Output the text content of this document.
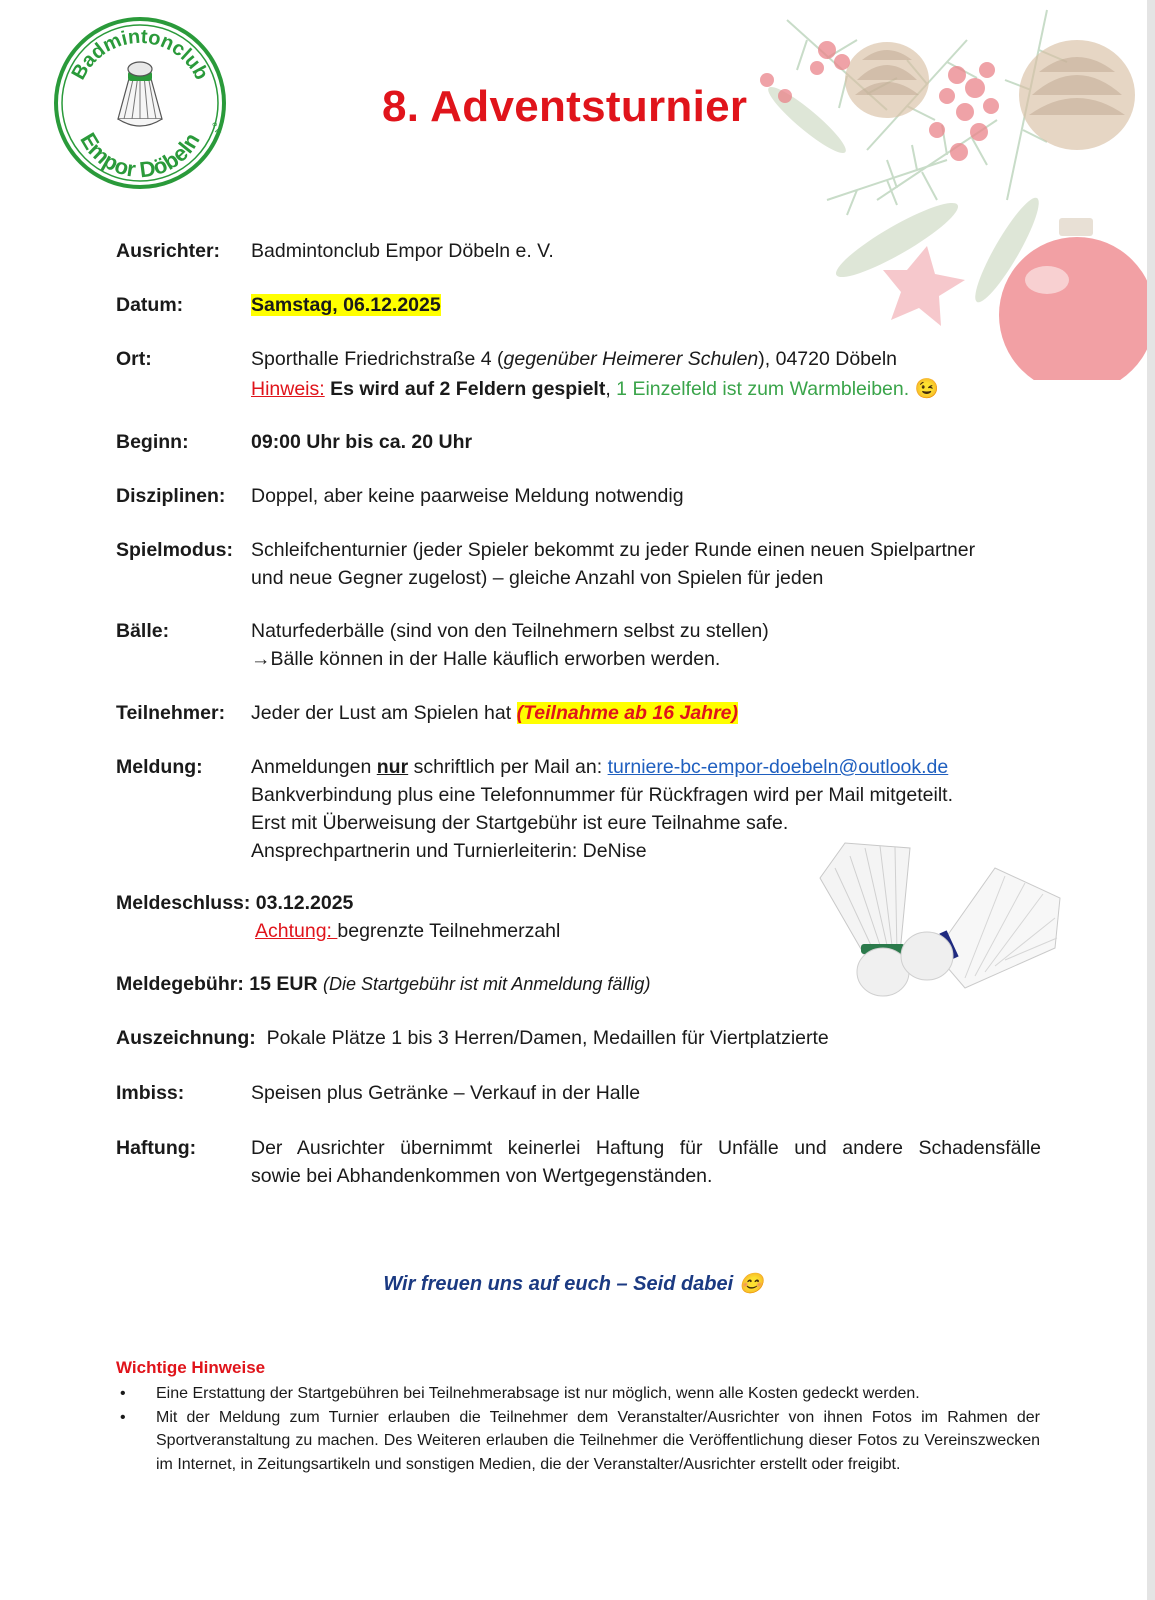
Badmintonclub
Empor Döbeln e.V.	8. Adventsturnier
Ausrichter: Badmintonclub Empor Döbeln e. V.
Datum:	Samstag, 06.12.2025
Ort:	Sporthalle Friedrichstraße 4 (gegenüber Heimerer Schulen), 04720 Döbeln
Hinweis: Es wird auf 2 Feldern gespielt, 1 Einzelfeld ist zum Warmbleiben. 😉
Beginn:	09:00 Uhr bis ca. 20 Uhr
Disziplinen: Doppel, aber keine paarweise Meldung notwendig
Spielmodus: Schleifchenturnier (jeder Spieler bekommt zu jeder Runde einen neuen Spielpartner
und neue Gegner zugelost) – gleiche Anzahl von Spielen für jeden
Bälle:	Naturfederbälle (sind von den Teilnehmern selbst zu stellen)
→Bälle können in der Halle käuflich erworben werden.
Teilnehmer: Jeder der Lust am Spielen hat (Teilnahme ab 16 Jahre)
Meldung: Anmeldungen nur schriftlich per Mail an: turniere-bc-empor-doebeln@outlook.de
Bankverbindung plus eine Telefonnummer für Rückfragen wird per Mail mitgeteilt.
Erst mit Überweisung der Startgebühr ist eure Teilnahme safe.
Ansprechpartnerin und Turnierleiterin: DeNise
Meldeschluss: 03.12.2025
Achtung: begrenzte Teilnehmerzahl
Meldegebühr: 15 EUR (Die Startgebühr ist mit Anmeldung fällig)
Auszeichnung:  Pokale Plätze 1 bis 3 Herren/Damen, Medaillen für Viertplatzierte
Imbiss:	Speisen plus Getränke – Verkauf in der Halle
Haftung:	Der Ausrichter übernimmt keinerlei Haftung für Unfälle und andere Schadensfälle
sowie bei Abhandenkommen von Wertgegenständen.
Wir freuen uns auf euch – Seid dabei 😊
Wichtige Hinweise
• Eine Erstattung der Startgebühren bei Teilnehmerabsage ist nur möglich, wenn alle Kosten gedeckt werden.
• Mit der Meldung zum Turnier erlauben die Teilnehmer dem Veranstalter/Ausrichter von ihnen Fotos im Rahmen der Sportveranstaltung zu machen. Des Weiteren erlauben die Teilnehmer die Veröffentlichung dieser Fotos zu Vereinszwecken im Internet, in Zeitungsartikeln und sonstigen Medien, die der Veranstalter/Ausrichter erstellt oder freigibt.
